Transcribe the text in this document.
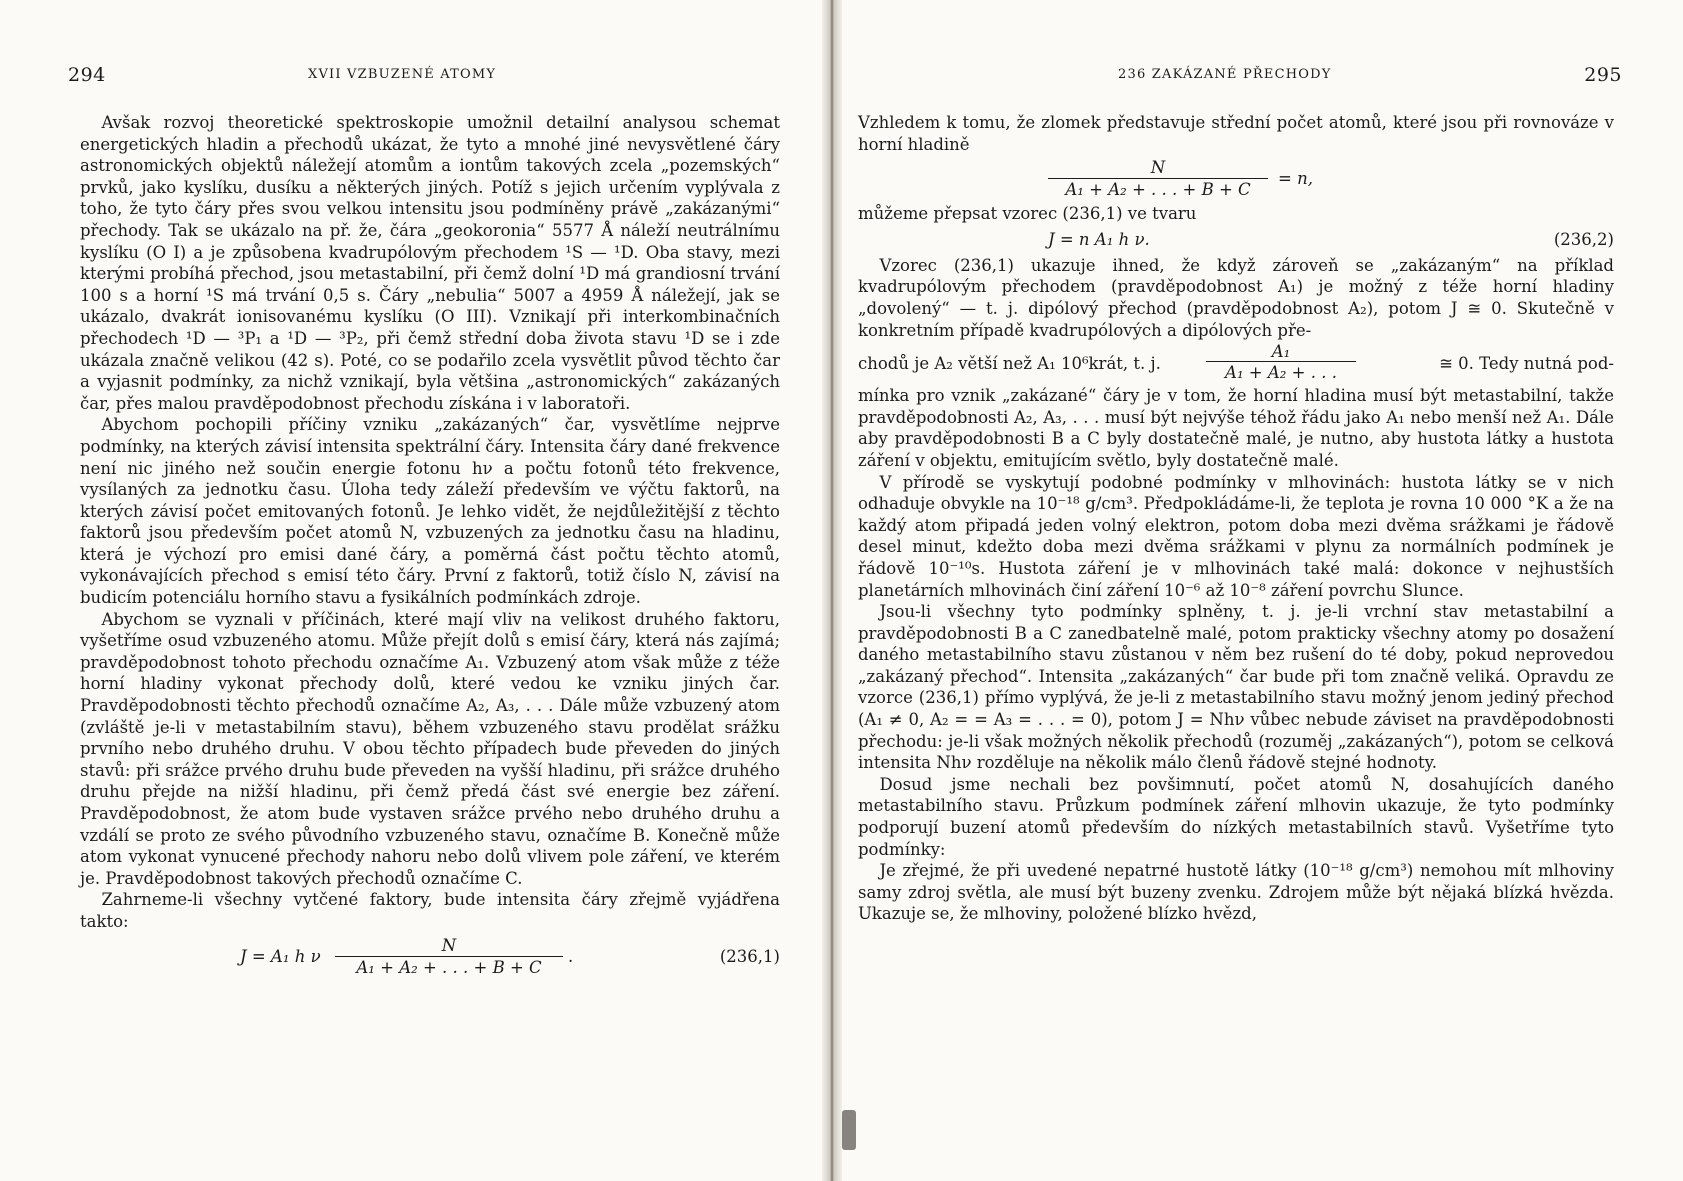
294	XVII VZBUZENÉ ATOMY

Avšak rozvoj theoretické spektroskopie umožnil detailní analysou schemat energetických hladin a přechodů ukázat, že tyto a mnohé jiné nevysvětlené čáry astronomických objektů náležejí atomům a iontům takových zcela „pozemských“ prvků, jako kyslíku, dusíku a některých jiných. Potíž s jejich určením vyplývala z toho, že tyto čáry přes svou velkou intensitu jsou podmíněny právě „zakázanými“ přechody. Tak se ukázalo na př. že, čára „geokoronia“ 5577 Å náleží neutrálnímu kyslíku (O I) a je způsobena kvadrupólovým přechodem ¹S — ¹D. Oba stavy, mezi kterými probíhá přechod, jsou metastabilní, při čemž dolní ¹D má grandiosní trvání 100 s a horní ¹S má trvání 0,5 s. Čáry „nebulia“ 5007 a 4959 Å náležejí, jak se ukázalo, dvakrát ionisovanému kyslíku (O III). Vznikají při interkombinačních přechodech ¹D — ³P₁ a ¹D — ³P₂, při čemž střední doba života stavu ¹D se i zde ukázala značně velikou (42 s). Poté, co se podařilo zcela vysvětlit původ těchto čar a vyjasnit podmínky, za nichž vznikají, byla většina „astronomických“ zakázaných čar, přes malou pravděpodobnost přechodu získána i v laboratoři.

Abychom pochopili příčiny vzniku „zakázaných“ čar, vysvětlíme nejprve podmínky, na kterých závisí intensita spektrální čáry. Intensita čáry dané frekvence není nic jiného než součin energie fotonu hν a počtu fotonů této frekvence, vysílaných za jednotku času. Úloha tedy záleží především ve výčtu faktorů, na kterých závisí počet emitovaných fotonů. Je lehko vidět, že nejdůležitější z těchto faktorů jsou především počet atomů N, vzbuzených za jednotku času na hladinu, která je výchozí pro emisi dané čáry, a poměrná část počtu těchto atomů, vykonávajících přechod s emisí této čáry. První z faktorů, totiž číslo N, závisí na budicím potenciálu horního stavu a fysikálních podmínkách zdroje.

Abychom se vyznali v příčinách, které mají vliv na velikost druhého faktoru, vyšetříme osud vzbuzeného atomu. Může přejít dolů s emisí čáry, která nás zajímá; pravděpodobnost tohoto přechodu označíme A₁. Vzbuzený atom však může z téže horní hladiny vykonat přechody dolů, které vedou ke vzniku jiných čar. Pravděpodobnosti těchto přechodů označíme A₂, A₃, . . . Dále může vzbuzený atom (zvláště je-li v metastabilním stavu), během vzbuzeného stavu prodělat srážku prvního nebo druhého druhu. V obou těchto případech bude převeden do jiných stavů: při srážce prvého druhu bude převeden na vyšší hladinu, při srážce druhého druhu přejde na nižší hladinu, při čemž předá část své energie bez záření. Pravděpodobnost, že atom bude vystaven srážce prvého nebo druhého druhu a vzdálí se proto ze svého původního vzbuzeného stavu, označíme B. Konečně může atom vykonat vynucené přechody nahoru nebo dolů vlivem pole záření, ve kterém je. Pravděpodobnost takových přechodů označíme C.

Zahrneme-li všechny vytčené faktory, bude intensita čáry zřejmě vyjádřena takto:

J = A₁ h ν
N
A₁ + A₂ + . . . + B + C
.	(236,1)
236 ZAKÁZANÉ PŘECHODY	295

Vzhledem k tomu, že zlomek představuje střední počet atomů, které jsou při rovnováze v horní hladině

N
A₁ + A₂ + . . . + B + C
= n,

můžeme přepsat vzorec (236,1) ve tvaru

J = n A₁ h ν.	(236,2)

Vzorec (236,1) ukazuje ihned, že když zároveň se „zakázaným“ na příklad kvadrupólovým přechodem (pravděpodobnost A₁) je možný z téže horní hladiny „dovolený“ — t. j. dipólový přechod (pravděpodobnost A₂), potom J ≅ 0. Skutečně v konkretním případě kvadrupólových a dipólových pře-

chodů je A₂ větší než A₁ 10⁶krát, t. j.
A₁
A₁ + A₂ + . . .	≅ 0. Tedy nutná pod-

mínka pro vznik „zakázané“ čáry je v tom, že horní hladina musí být metastabilní, takže pravděpodobnosti A₂, A₃, . . . musí být nejvýše téhož řádu jako A₁ nebo menší než A₁. Dále aby pravděpodobnosti B a C byly dostatečně malé, je nutno, aby hustota látky a hustota záření v objektu, emitujícím světlo, byly dostatečně malé.

V přírodě se vyskytují podobné podmínky v mlhovinách: hustota látky se v nich odhaduje obvykle na 10⁻¹⁸ g/cm³. Předpokládáme-li, že teplota je rovna 10 000 °K a že na každý atom připadá jeden volný elektron, potom doba mezi dvěma srážkami je řádově desel minut, kdežto doba mezi dvěma srážkami v plynu za normálních podmínek je řádově 10⁻¹⁰s. Hustota záření je v mlhovinách také malá: dokonce v nejhustších planetárních mlhovinách činí záření 10⁻⁶ až 10⁻⁸ záření povrchu Slunce.

Jsou-li všechny tyto podmínky splněny, t. j. je-li vrchní stav metastabilní a pravděpodobnosti B a C zanedbatelně malé, potom prakticky všechny atomy po dosažení daného metastabilního stavu zůstanou v něm bez rušení do té doby, pokud neprovedou „zakázaný přechod“. Intensita „zakázaných“ čar bude při tom značně veliká. Opravdu ze vzorce (236,1) přímo vyplývá, že je-li z metastabilního stavu možný jenom jediný přechod (A₁ ≠ 0, A₂ = = A₃ = . . . = 0), potom J = Nhν vůbec nebude záviset na pravděpodobnosti přechodu: je-li však možných několik přechodů (rozuměj „zakázaných“), potom se celková intensita Nhν rozděluje na několik málo členů řádově stejné hodnoty.

Dosud jsme nechali bez povšimnutí, počet atomů N, dosahujících daného metastabilního stavu. Průzkum podmínek záření mlhovin ukazuje, že tyto podmínky podporují buzení atomů především do nízkých metastabilních stavů. Vyšetříme tyto podmínky:

Je zřejmé, že při uvedené nepatrné hustotě látky (10⁻¹⁸ g/cm³) nemohou mít mlhoviny samy zdroj světla, ale musí být buzeny zvenku. Zdrojem může být nějaká blízká hvězda. Ukazuje se, že mlhoviny, položené blízko hvězd,
